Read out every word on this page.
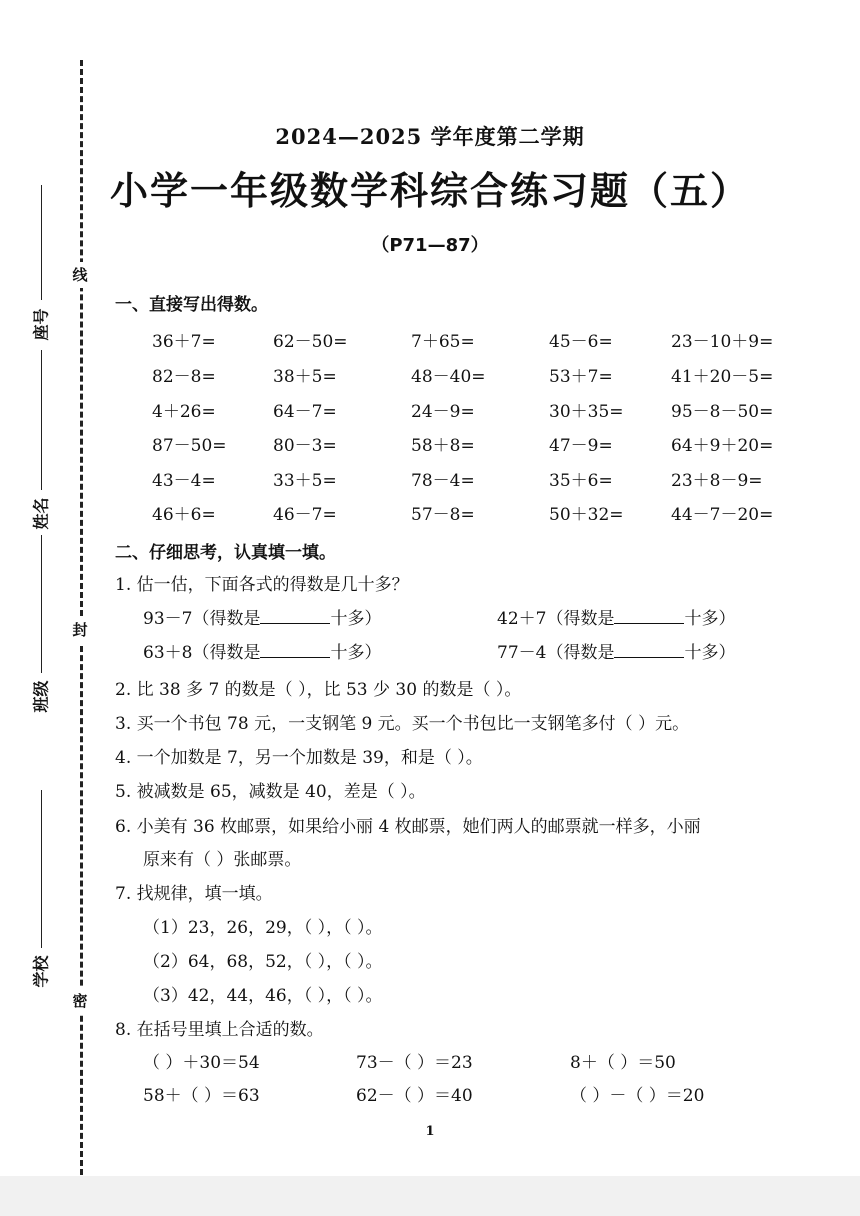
线
封
密
座号
姓名
班级
学校
2024—2025 学年度第二学期
小学一年级数学科综合练习题（五）
（P71—87）
一、直接写出得数。
36＋7=	62－50=	7＋65=	45－6=	23－10＋9=
82－8=	38＋5=	48－40=	53＋7=	41＋20－5=
4＋26=	64－7=	24－9=	30＋35=	95－8－50=
87－50=	80－3=	58＋8=	47－9=	64＋9＋20=
43－4=	33＋5=	78－4=	35＋6=	23＋8－9=
46＋6=	46－7=	57－8=	50＋32=	44－7－20=
二、仔细思考，认真填一填。
1. 估一估，下面各式的得数是几十多？
93－7（得数是	十多）	42＋7（得数是	十多）
63＋8（得数是	十多）	77－4（得数是	十多）
2. 比 38 多 7 的数是（ ），比 53 少 30 的数是（ ）。
3. 买一个书包 78 元，一支钢笔 9 元。买一个书包比一支钢笔多付（ ）元。
4. 一个加数是 7，另一个加数是 39，和是（ ）。
5. 被减数是 65，减数是 40，差是（ ）。
6. 小美有 36 枚邮票，如果给小丽 4 枚邮票，她们两人的邮票就一样多，小丽
原来有（ ）张邮票。
7. 找规律，填一填。
（1）23，26，29，（ ），（ ）。
（2）64，68，52，（ ），（ ）。
（3）42，44，46，（ ），（ ）。
8. 在括号里填上合适的数。
（ ）＋30＝54	73－（ ）＝23	8＋（ ）＝50
58＋（ ）＝63	62－（ ）＝40	（ ）－（ ）＝20
1
